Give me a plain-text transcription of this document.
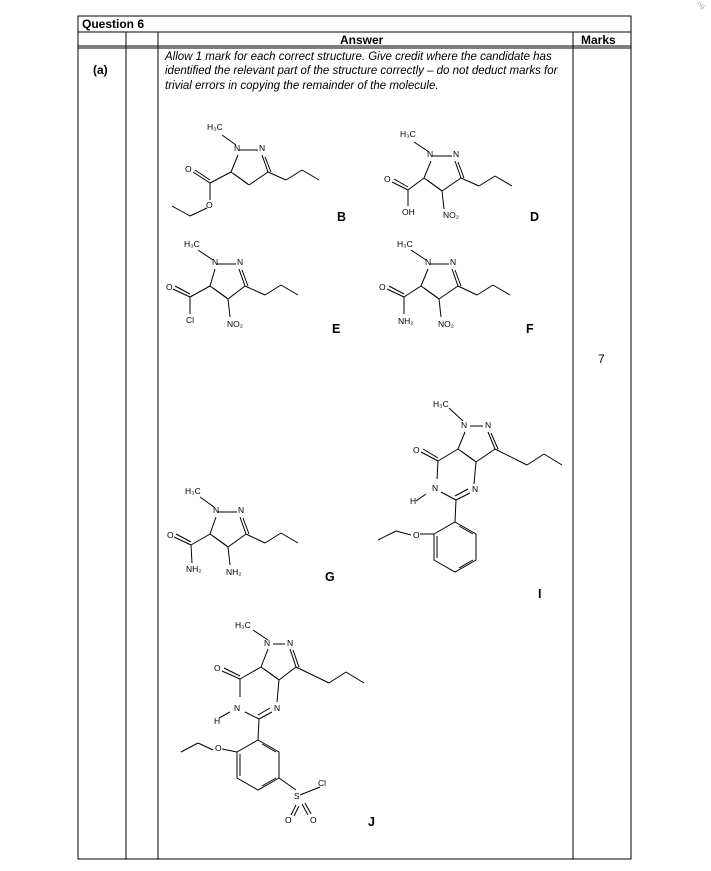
Question 6
Answer	Marks
(a)
Allow 1 mark for each correct structure. Give credit where the candidate has identified the relevant part of the structure correctly – do not deduct marks for trivial errors in copying the remainder of the molecule.
7
ng
H₃C
N N
O
O
B
H₃C
N N
O
OH	NO₂	D
H₃C
N N
O
Cl	NO₂	E
H₃C
N N
O
NH₂	NO₂	F
H₃C
N N
O
NH₂	NH₂	G
H₃C
N N
O
H
N	N
O
I
H₃C
N N
O
H
N	N
O
S
Cl
O O	J
